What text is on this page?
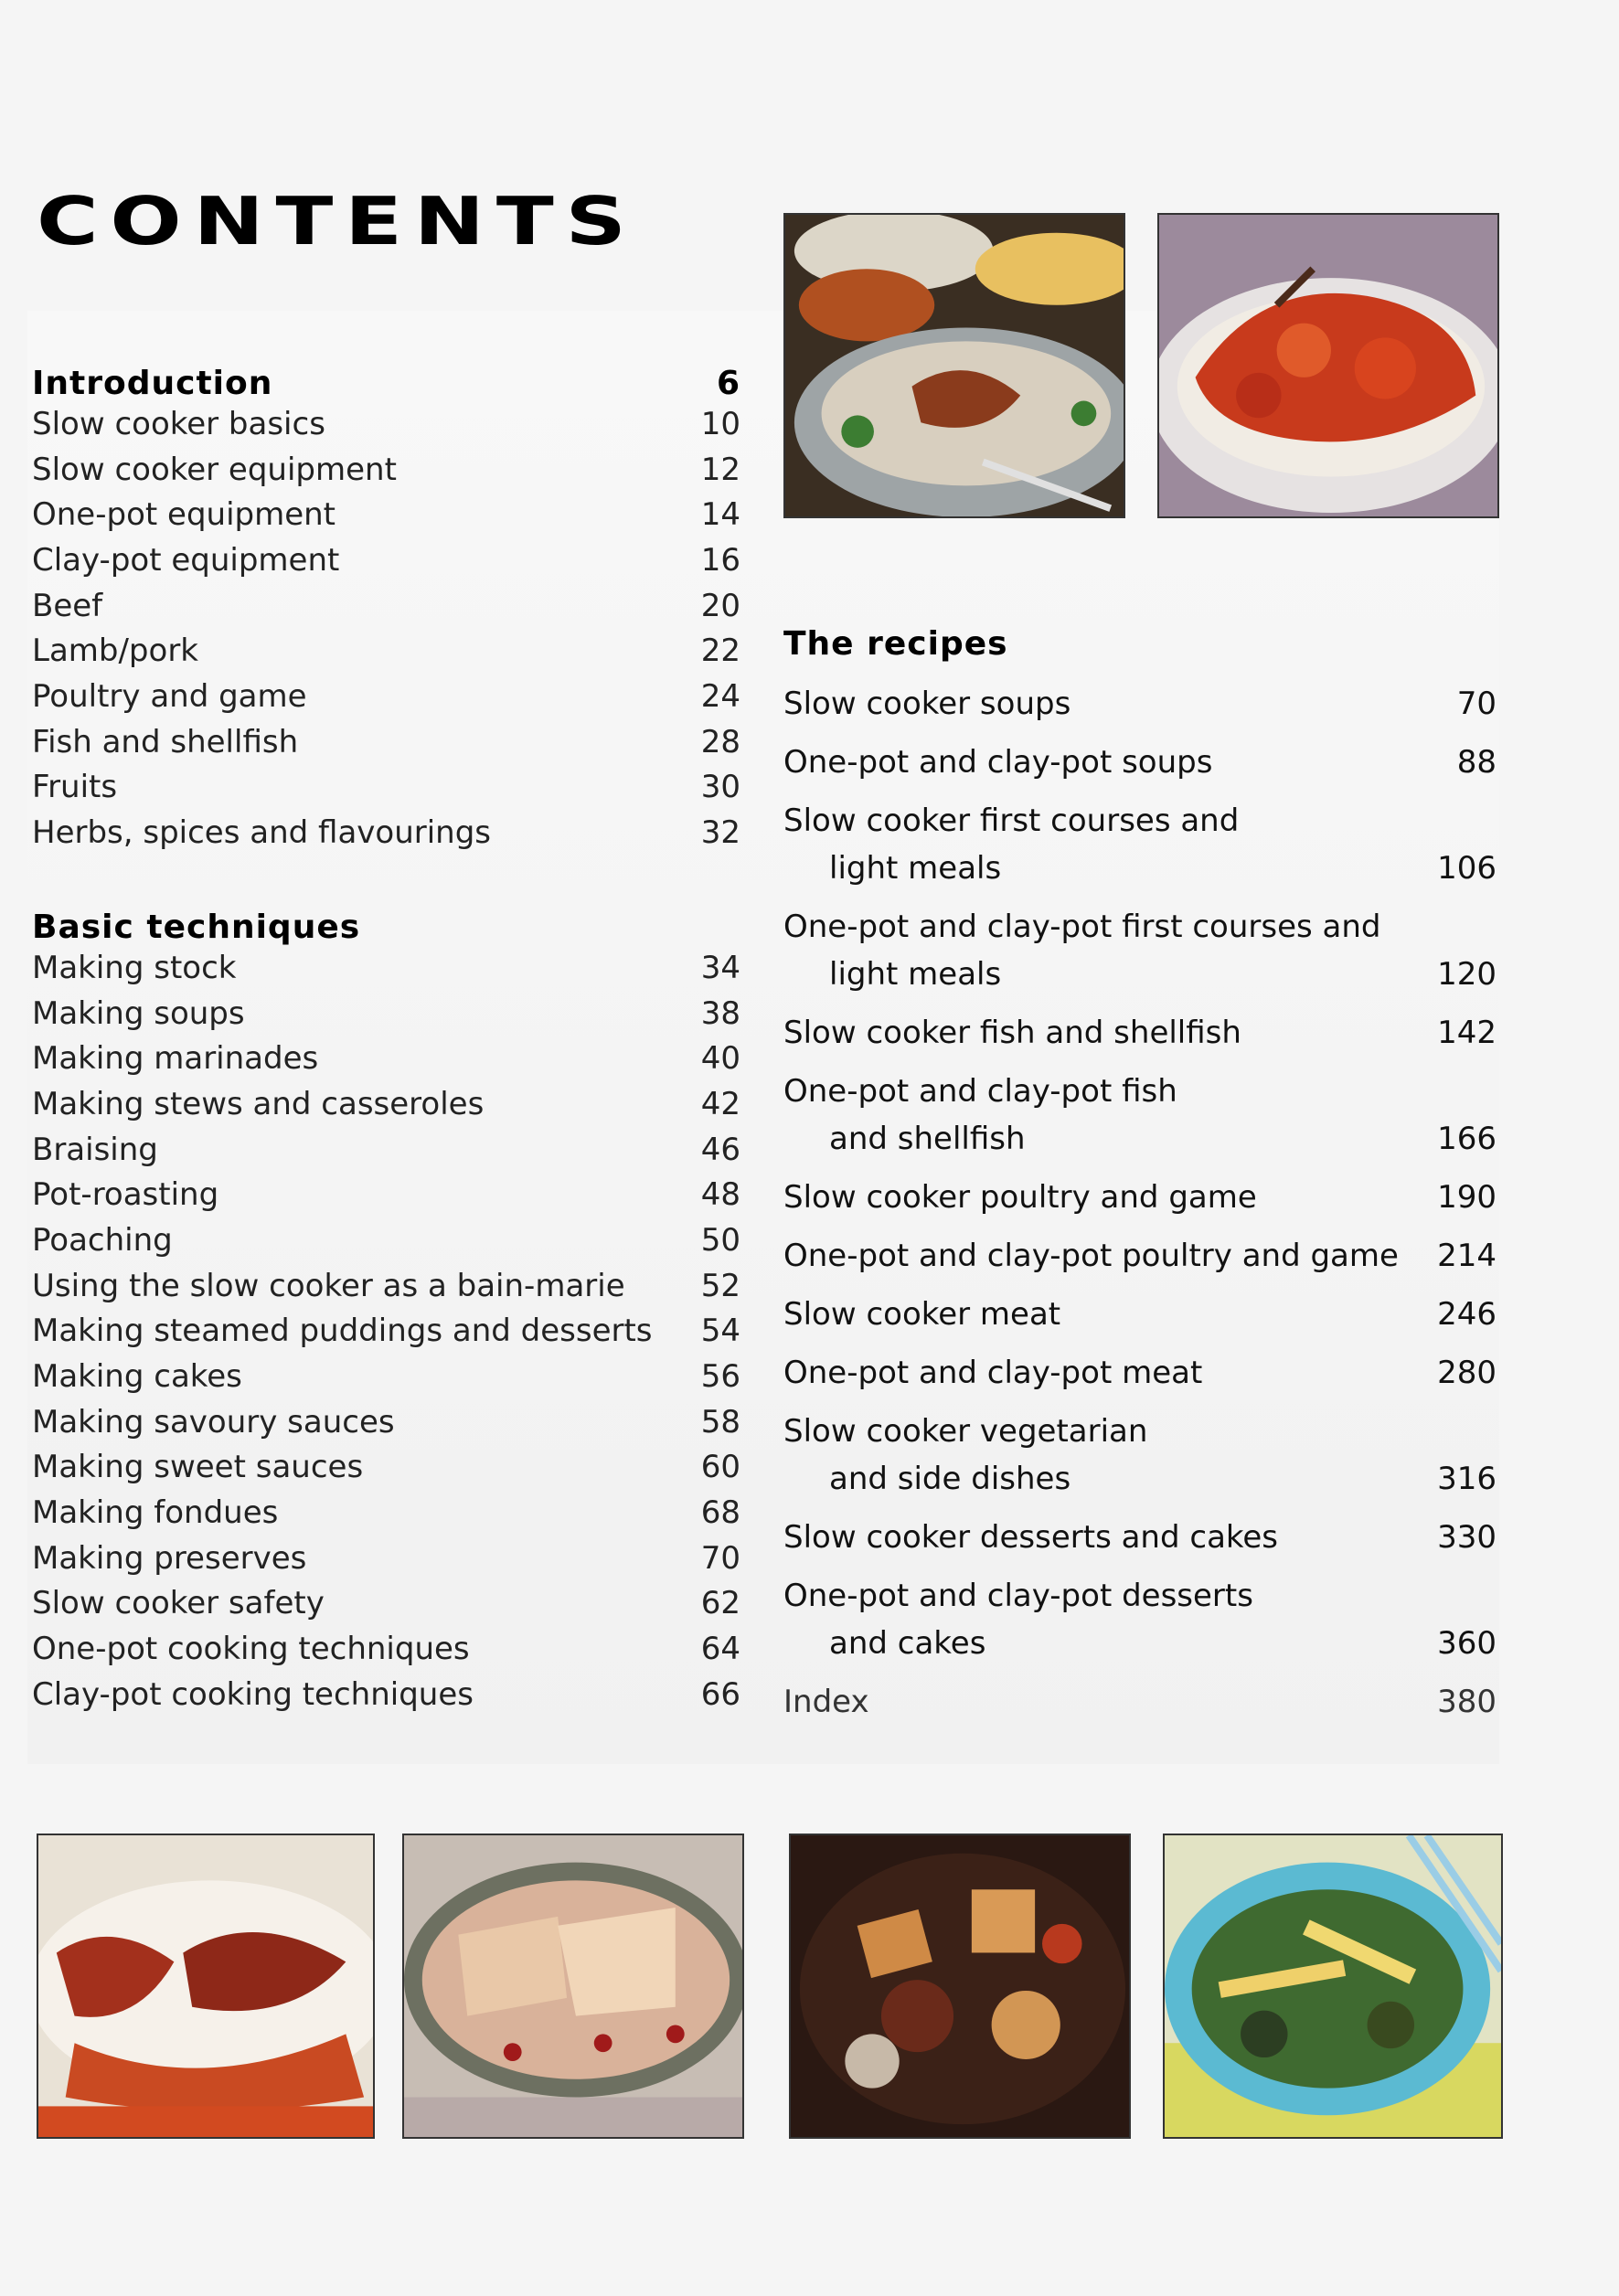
CONTENTS
Introduction	6
Slow cooker basics	10
Slow cooker equipment	12
One-pot equipment	14
Clay-pot equipment	16
Beef	20
Lamb/pork	22
Poultry and game	24
Fish and shellfish	28
Fruits	30
Herbs, spices and flavourings	32
Basic techniques
Making stock	34
Making soups	38
Making marinades	40
Making stews and casseroles	42
Braising	46
Pot-roasting	48
Poaching	50
Using the slow cooker as a bain-marie	52
Making steamed puddings and desserts	54
Making cakes	56
Making savoury sauces	58
Making sweet sauces	60
Making fondues	68
Making preserves	70
Slow cooker safety	62
One-pot cooking techniques	64
Clay-pot cooking techniques	66
The recipes
Slow cooker soups	70
One-pot and clay-pot soups	88
Slow cooker first courses and
light meals	106
One-pot and clay-pot first courses and
light meals	120
Slow cooker fish and shellfish	142
One-pot and clay-pot fish
and shellfish	166
Slow cooker poultry and game	190
One-pot and clay-pot poultry and game 214
Slow cooker meat	246
One-pot and clay-pot meat	280
Slow cooker vegetarian
and side dishes	316
Slow cooker desserts and cakes	330
One-pot and clay-pot desserts
and cakes	360
Index	380
